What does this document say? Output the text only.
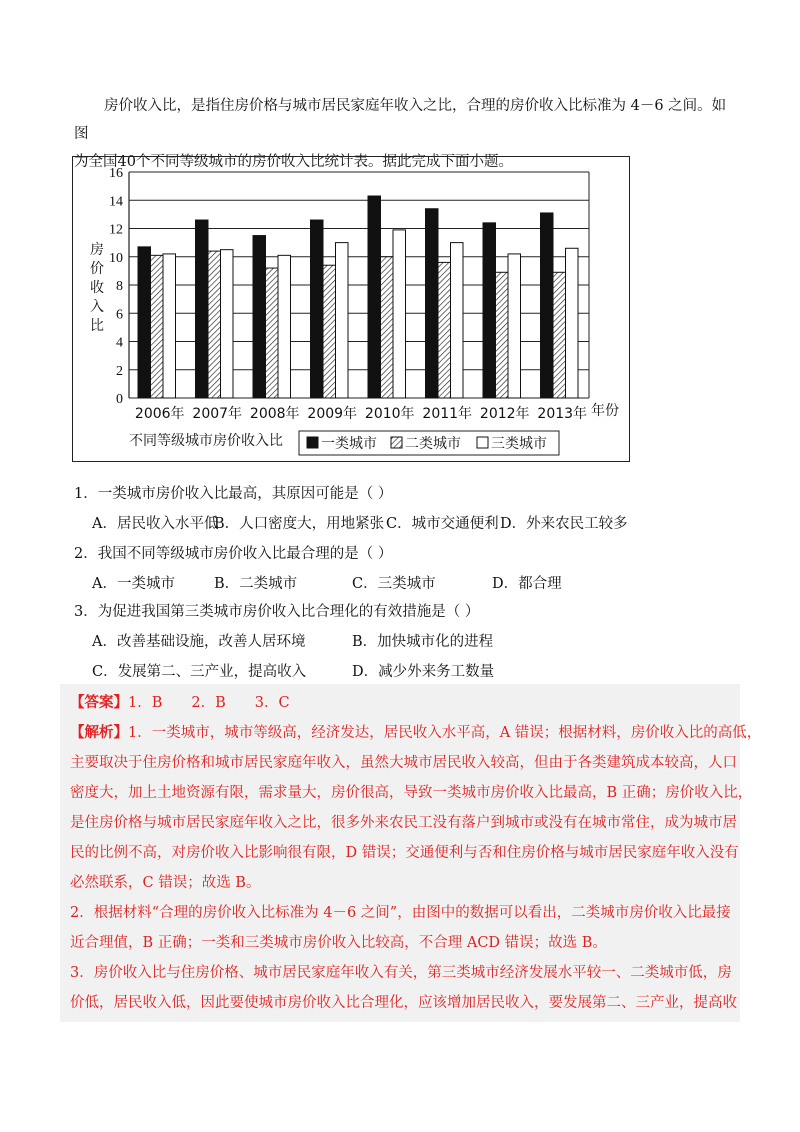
房价收入比，是指住房价格与城市居民家庭年收入之比，合理的房价收入比标准为 4－6 之间。如图

为全国40个不同等级城市的房价收入比统计表。据此完成下面小题。
0
2
4
6
8
10
12
14
16
房
价
收
入
比
2006年 2007年 2008年 2009年 2010年 2011年 2012年 2013年 年份
不同等级城市房价收入比	一类城市 二类城市 三类城市
1．一类城市房价收入比最高，其原因可能是（ ）
A．居民收入水平低
B．人口密度大，用地紧张 C．城市交通便利 D．外来农民工较多
2．我国不同等级城市房价收入比最合理的是（ ）
A．一类城市	B．二类城市	C．三类城市	D．都合理
3．为促进我国第三类城市房价收入比合理化的有效措施是（ ）
A．改善基础设施，改善人居环境	B．加快城市化的进程
C．发展第二、三产业，提高收入	D．减少外来务工数量
【答案】1．B　　2．B　　3．C
【解析】1．一类城市，城市等级高，经济发达，居民收入水平高，A 错误；根据材料，房价收入比的高低，
主要取决于住房价格和城市居民家庭年收入，虽然大城市居民收入较高，但由于各类建筑成本较高，人口
密度大，加上土地资源有限，需求量大，房价很高，导致一类城市房价收入比最高，B 正确；房价收入比，
是住房价格与城市居民家庭年收入之比，很多外来农民工没有落户到城市或没有在城市常住，成为城市居
民的比例不高，对房价收入比影响很有限，D 错误；交通便利与否和住房价格与城市居民家庭年收入没有
必然联系，C 错误；故选 B。
2．根据材料“合理的房价收入比标准为 4－6 之间”，由图中的数据可以看出，二类城市房价收入比最接
近合理值，B 正确；一类和三类城市房价收入比较高，不合理 ACD 错误；故选 B。
3．房价收入比与住房价格、城市居民家庭年收入有关，第三类城市经济发展水平较一、二类城市低，房
价低，居民收入低，因此要使城市房价收入比合理化，应该增加居民收入，要发展第二、三产业，提高收
